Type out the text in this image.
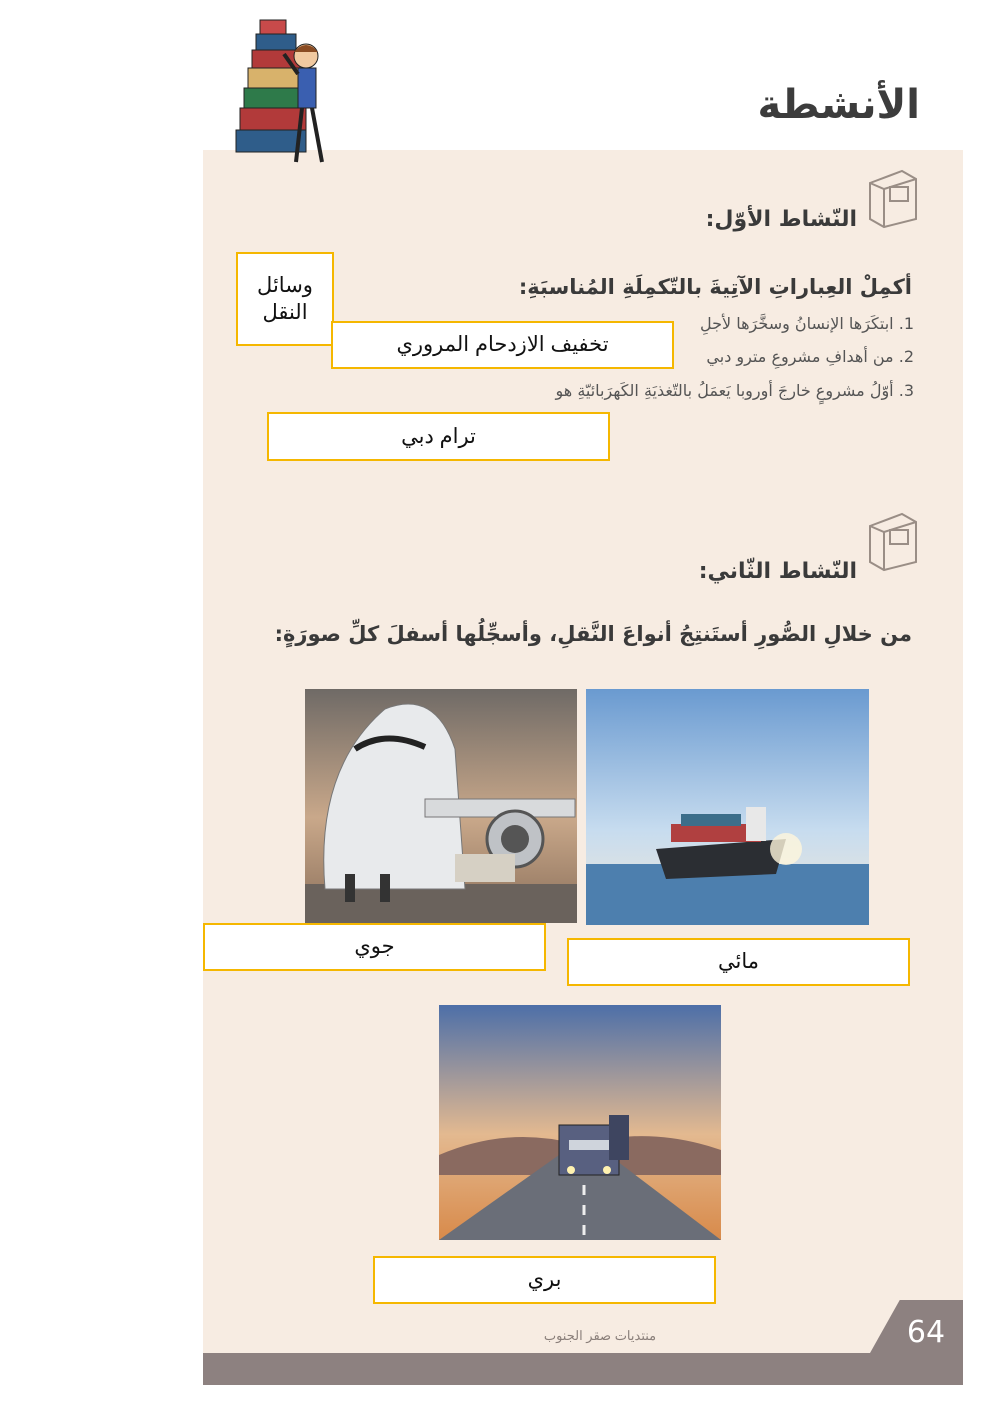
الأنشطة
النّشاط الأوّل:
أكمِلْ العِباراتِ الآتِيةَ بالتّكمِلَةِ المُناسبَةِ:
1. ابتكَرَها الإنسانُ وسخَّرَها لأجلِ
2. من أهدافِ مشروعِ مترو دبي
3. أوّلُ مشروعٍ خارجَ أوروبا يَعمَلُ بالتّغذيَةِ الكَهرَبائيّةِ هو
وسائل النقل
تخفيف الازدحام المروري
ترام دبي
النّشاط الثّاني:
من خلالِ الصُّورِ أستَنتِجُ أنواعَ النَّقلِ، وأسجِّلُها أسفلَ كلِّ صورَةٍ:
جوي
مائي
بري
منتديات صقر الجنوب	64
